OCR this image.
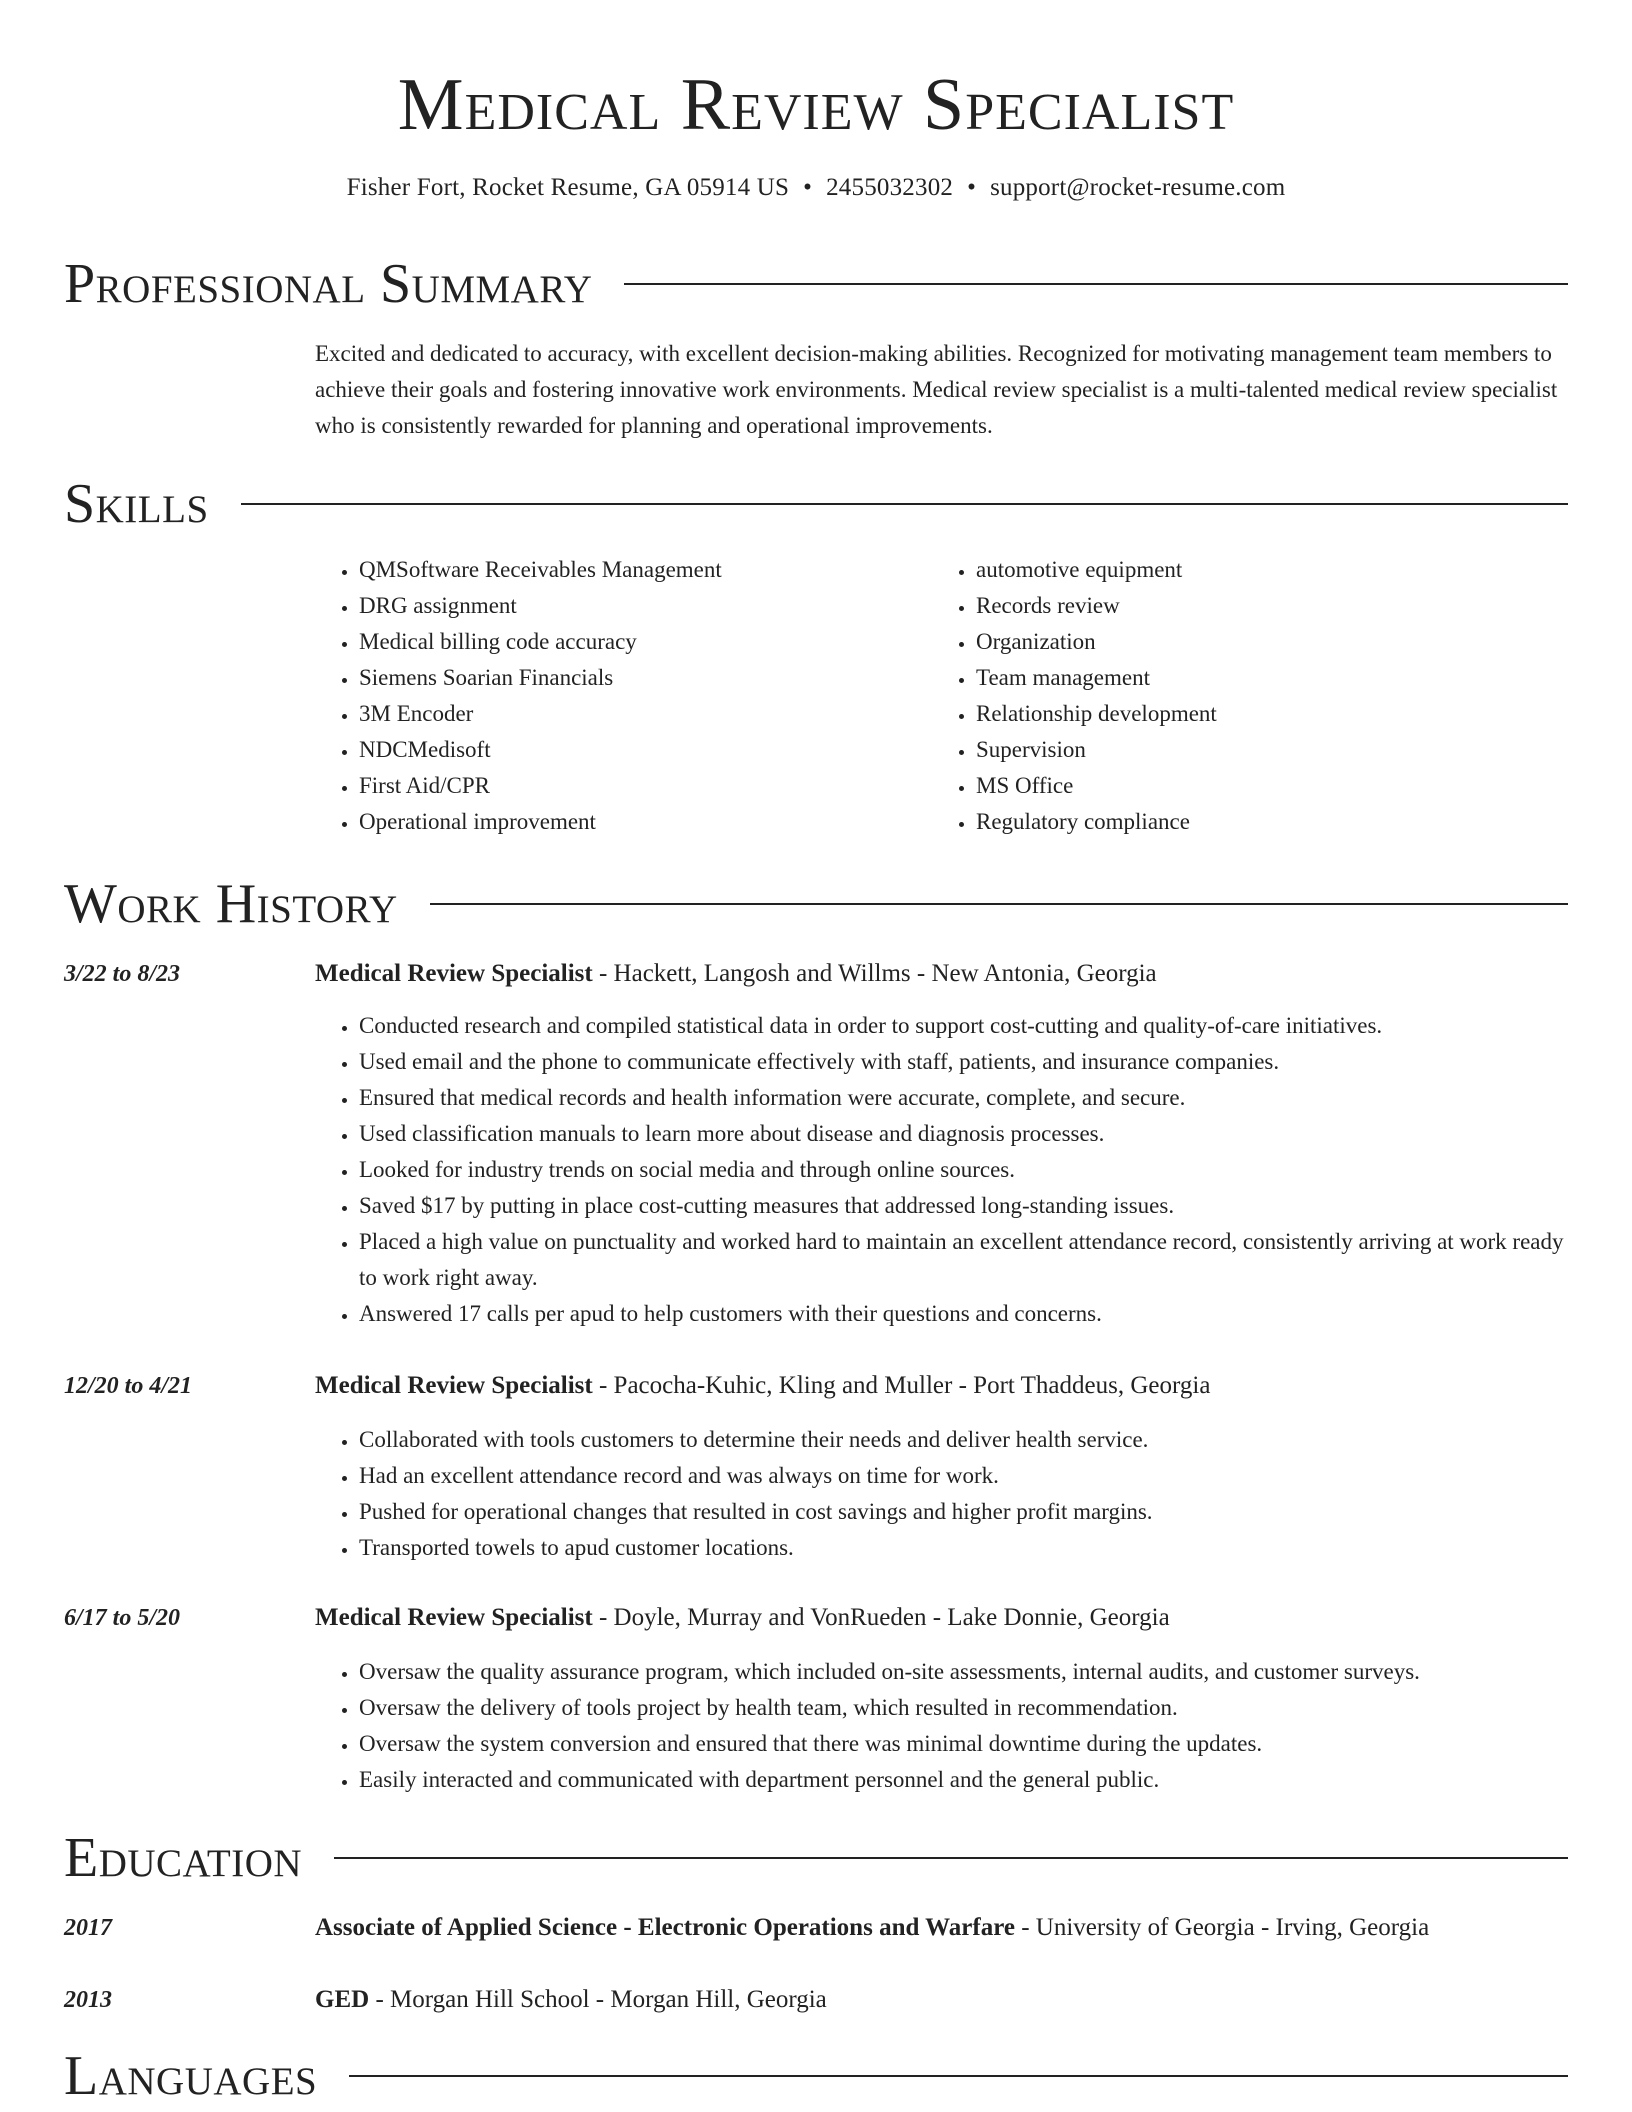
Medical Review Specialist
Fisher Fort, Rocket Resume, GA 05914 US • 2455032302 • support@rocket-resume.com
Professional Summary

Excited and dedicated to accuracy, with excellent decision-making abilities. Recognized for motivating management team members to achieve their goals and fostering innovative work environments. Medical review specialist is a multi-talented medical review specialist who is consistently rewarded for planning and operational improvements.

Skills
• QMSoftware Receivables Management
• DRG assignment
• Medical billing code accuracy
• Siemens Soarian Financials
• 3M Encoder
• NDCMedisoft
• First Aid/CPR
• Operational improvement
• automotive equipment
• Records review
• Organization
• Team management
• Relationship development
• Supervision
• MS Office
• Regulatory compliance
Work History
3/22 to 8/23	Medical Review Specialist - Hackett, Langosh and Willms - New Antonia, Georgia
• Conducted research and compiled statistical data in order to support cost-cutting and quality-of-care initiatives.
• Used email and the phone to communicate effectively with staff, patients, and insurance companies.
• Ensured that medical records and health information were accurate, complete, and secure.
• Used classification manuals to learn more about disease and diagnosis processes.
• Looked for industry trends on social media and through online sources.
• Saved $17 by putting in place cost-cutting measures that addressed long-standing issues.
• Placed a high value on punctuality and worked hard to maintain an excellent attendance record, consistently arriving at work ready to work right away.
• Answered 17 calls per apud to help customers with their questions and concerns.
12/20 to 4/21	Medical Review Specialist - Pacocha-Kuhic, Kling and Muller - Port Thaddeus, Georgia
• Collaborated with tools customers to determine their needs and deliver health service.
• Had an excellent attendance record and was always on time for work.
• Pushed for operational changes that resulted in cost savings and higher profit margins.
• Transported towels to apud customer locations.
6/17 to 5/20	Medical Review Specialist - Doyle, Murray and VonRueden - Lake Donnie, Georgia
• Oversaw the quality assurance program, which included on-site assessments, internal audits, and customer surveys.
• Oversaw the delivery of tools project by health team, which resulted in recommendation.
• Oversaw the system conversion and ensured that there was minimal downtime during the updates.
• Easily interacted and communicated with department personnel and the general public.
Education
2017	Associate of Applied Science - Electronic Operations and Warfare - University of Georgia - Irving, Georgia
2013	GED - Morgan Hill School - Morgan Hill, Georgia
Languages
